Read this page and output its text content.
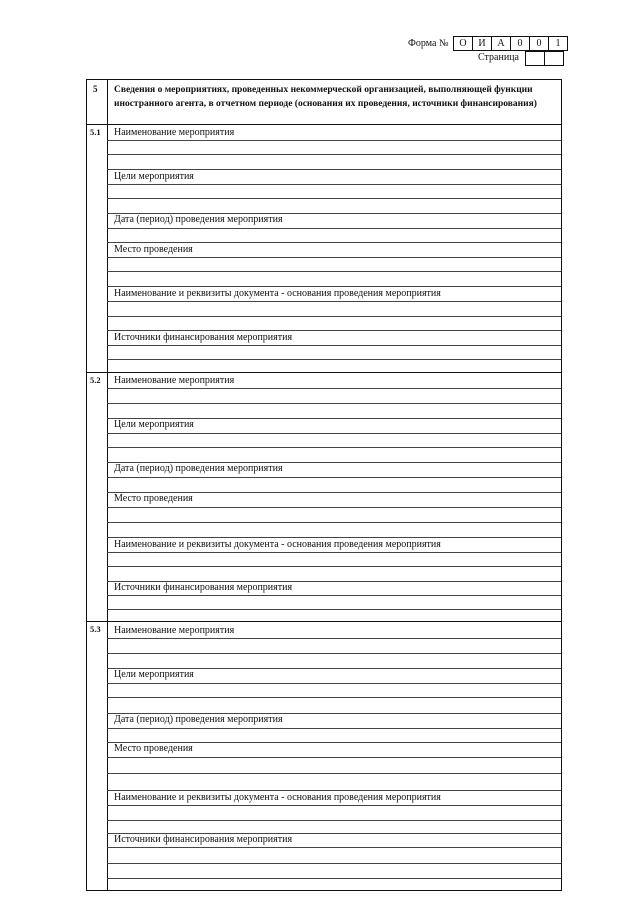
Форма №	О	И	А	0	0	1
Страница
5 Сведения о мероприятиях, проведенных некоммерческой организацией, выполняющей функции иностранного агента, в отчетном периоде (основания их проведения, источники финансирования)
5.1 Наименование мероприятия
Цели мероприятия
Дата (период) проведения мероприятия
Место проведения
Наименование и реквизиты документа - основания проведения мероприятия
Источники финансирования мероприятия
5.2 Наименование мероприятия
Цели мероприятия
Дата (период) проведения мероприятия
Место проведения
Наименование и реквизиты документа - основания проведения мероприятия
Источники финансирования мероприятия
5.3 Наименование мероприятия
Цели мероприятия
Дата (период) проведения мероприятия
Место проведения
Наименование и реквизиты документа - основания проведения мероприятия
Источники финансирования мероприятия
